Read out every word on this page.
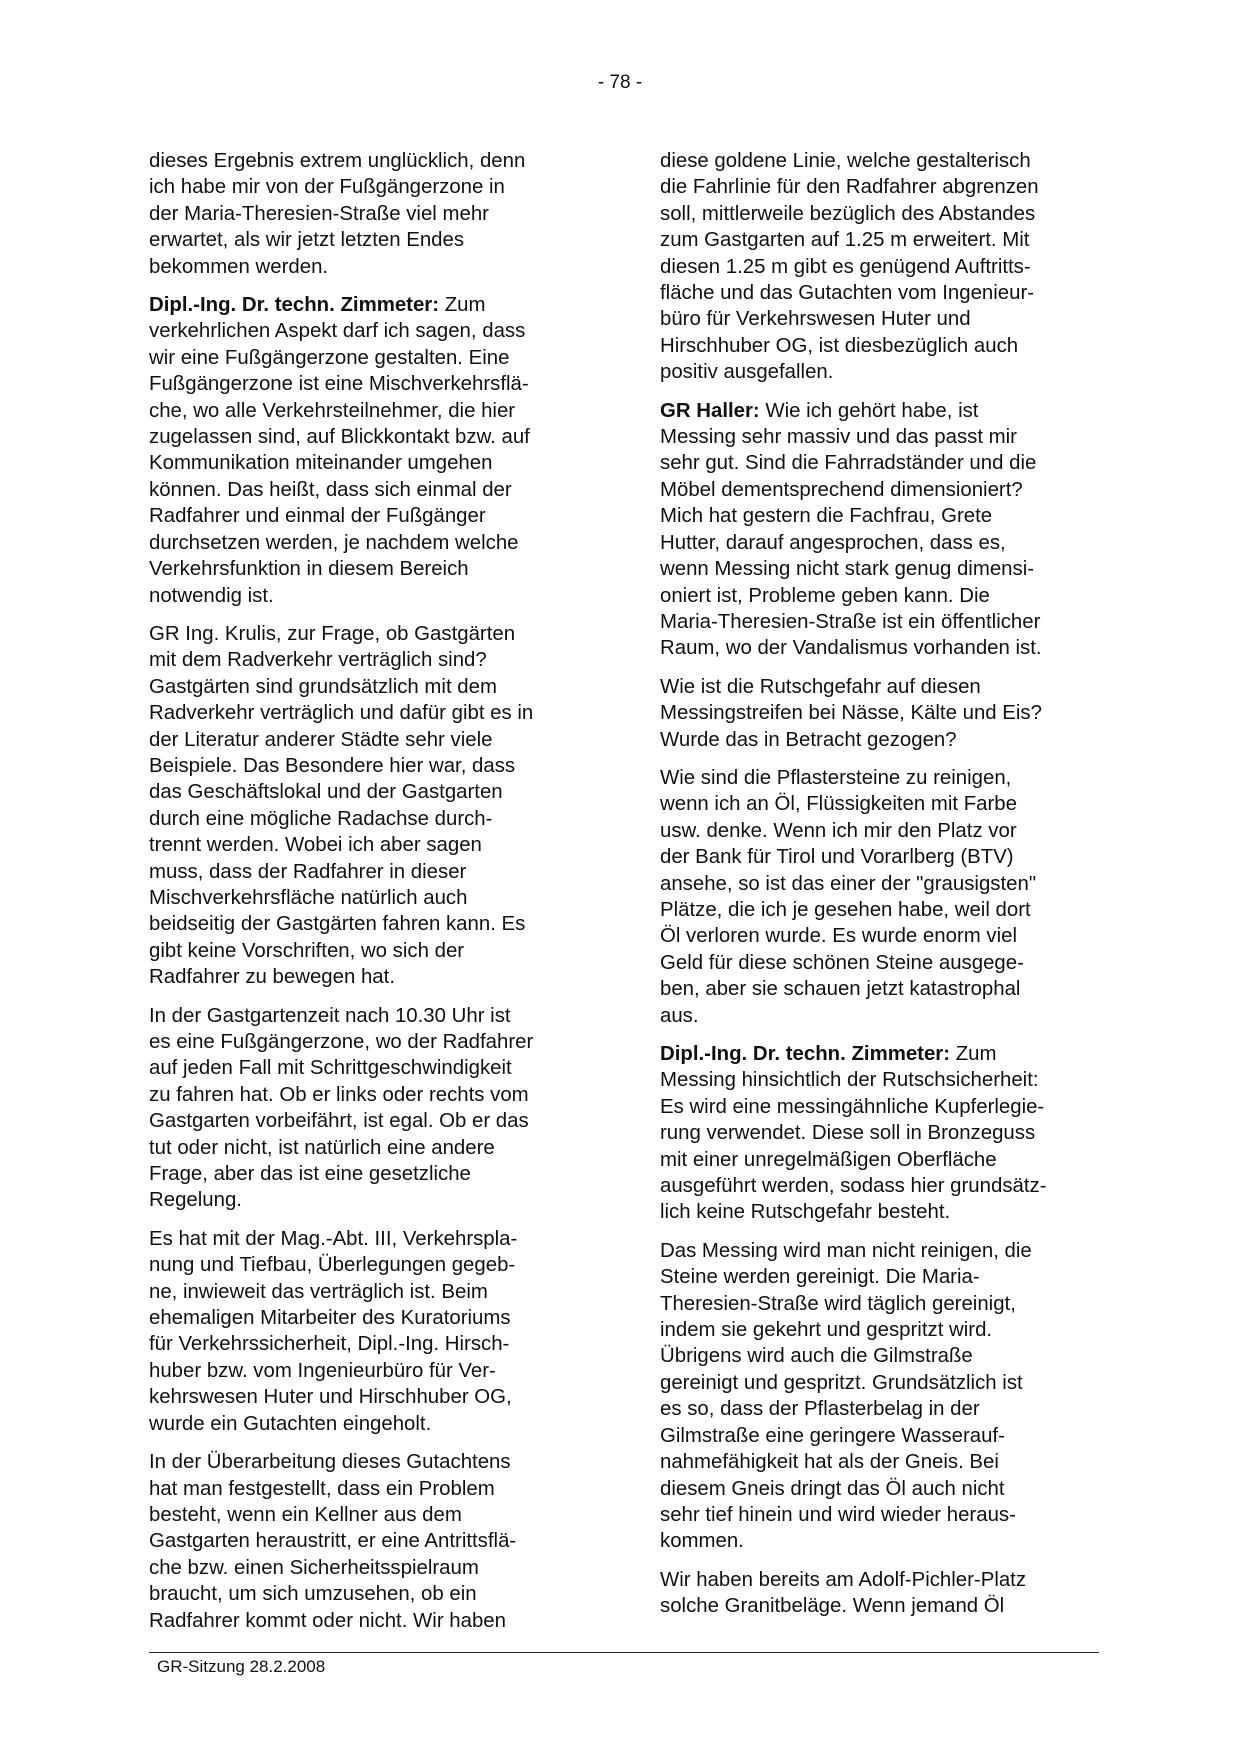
- 78 -
dieses Ergebnis extrem unglücklich, denn
ich habe mir von der Fußgängerzone in
der Maria-Theresien-Straße viel mehr
erwartet, als wir jetzt letzten Endes
bekommen werden.
Dipl.-Ing. Dr. techn. Zimmeter: Zum
verkehrlichen Aspekt darf ich sagen, dass
wir eine Fußgängerzone gestalten. Eine
Fußgängerzone ist eine Mischverkehrsflä-
che, wo alle Verkehrsteilnehmer, die hier
zugelassen sind, auf Blickkontakt bzw. auf
Kommunikation miteinander umgehen
können. Das heißt, dass sich einmal der
Radfahrer und einmal der Fußgänger
durchsetzen werden, je nachdem welche
Verkehrsfunktion in diesem Bereich
notwendig ist.
GR Ing. Krulis, zur Frage, ob Gastgärten
mit dem Radverkehr verträglich sind?
Gastgärten sind grundsätzlich mit dem
Radverkehr verträglich und dafür gibt es in
der Literatur anderer Städte sehr viele
Beispiele. Das Besondere hier war, dass
das Geschäftslokal und der Gastgarten
durch eine mögliche Radachse durch-
trennt werden. Wobei ich aber sagen
muss, dass der Radfahrer in dieser
Mischverkehrsfläche natürlich auch
beidseitig der Gastgärten fahren kann. Es
gibt keine Vorschriften, wo sich der
Radfahrer zu bewegen hat.
In der Gastgartenzeit nach 10.30 Uhr ist
es eine Fußgängerzone, wo der Radfahrer
auf jeden Fall mit Schrittgeschwindigkeit
zu fahren hat. Ob er links oder rechts vom
Gastgarten vorbeifährt, ist egal. Ob er das
tut oder nicht, ist natürlich eine andere
Frage, aber das ist eine gesetzliche
Regelung.
Es hat mit der Mag.-Abt. III, Verkehrspla-
nung und Tiefbau, Überlegungen gegeb-
ne, inwieweit das verträglich ist. Beim
ehemaligen Mitarbeiter des Kuratoriums
für Verkehrssicherheit, Dipl.-Ing. Hirsch-
huber bzw. vom Ingenieurbüro für Ver-
kehrswesen Huter und Hirschhuber OG,
wurde ein Gutachten eingeholt.
In der Überarbeitung dieses Gutachtens
hat man festgestellt, dass ein Problem
besteht, wenn ein Kellner aus dem
Gastgarten heraustritt, er eine Antrittsflä-
che bzw. einen Sicherheitsspielraum
braucht, um sich umzusehen, ob ein
Radfahrer kommt oder nicht. Wir haben
diese goldene Linie, welche gestalterisch
die Fahrlinie für den Radfahrer abgrenzen
soll, mittlerweile bezüglich des Abstandes
zum Gastgarten auf 1.25 m erweitert. Mit
diesen 1.25 m gibt es genügend Auftritts-
fläche und das Gutachten vom Ingenieur-
büro für Verkehrswesen Huter und
Hirschhuber OG, ist diesbezüglich auch
positiv ausgefallen.
GR Haller: Wie ich gehört habe, ist
Messing sehr massiv und das passt mir
sehr gut. Sind die Fahrradständer und die
Möbel dementsprechend dimensioniert?
Mich hat gestern die Fachfrau, Grete
Hutter, darauf angesprochen, dass es,
wenn Messing nicht stark genug dimensi-
oniert ist, Probleme geben kann. Die
Maria-Theresien-Straße ist ein öffentlicher
Raum, wo der Vandalismus vorhanden ist.
Wie ist die Rutschgefahr auf diesen
Messingstreifen bei Nässe, Kälte und Eis?
Wurde das in Betracht gezogen?
Wie sind die Pflastersteine zu reinigen,
wenn ich an Öl, Flüssigkeiten mit Farbe
usw. denke. Wenn ich mir den Platz vor
der Bank für Tirol und Vorarlberg (BTV)
ansehe, so ist das einer der "grausigsten"
Plätze, die ich je gesehen habe, weil dort
Öl verloren wurde. Es wurde enorm viel
Geld für diese schönen Steine ausgege-
ben, aber sie schauen jetzt katastrophal
aus.
Dipl.-Ing. Dr. techn. Zimmeter: Zum
Messing hinsichtlich der Rutschsicherheit:
Es wird eine messingähnliche Kupferlegie-
rung verwendet. Diese soll in Bronzeguss
mit einer unregelmäßigen Oberfläche
ausgeführt werden, sodass hier grundsätz-
lich keine Rutschgefahr besteht.
Das Messing wird man nicht reinigen, die
Steine werden gereinigt. Die Maria-
Theresien-Straße wird täglich gereinigt,
indem sie gekehrt und gespritzt wird.
Übrigens wird auch die Gilmstraße
gereinigt und gespritzt. Grundsätzlich ist
es so, dass der Pflasterbelag in der
Gilmstraße eine geringere Wasserauf-
nahmefähigkeit hat als der Gneis. Bei
diesem Gneis dringt das Öl auch nicht
sehr tief hinein und wird wieder heraus-
kommen.
Wir haben bereits am Adolf-Pichler-Platz
solche Granitbeläge. Wenn jemand Öl
GR-Sitzung 28.2.2008
